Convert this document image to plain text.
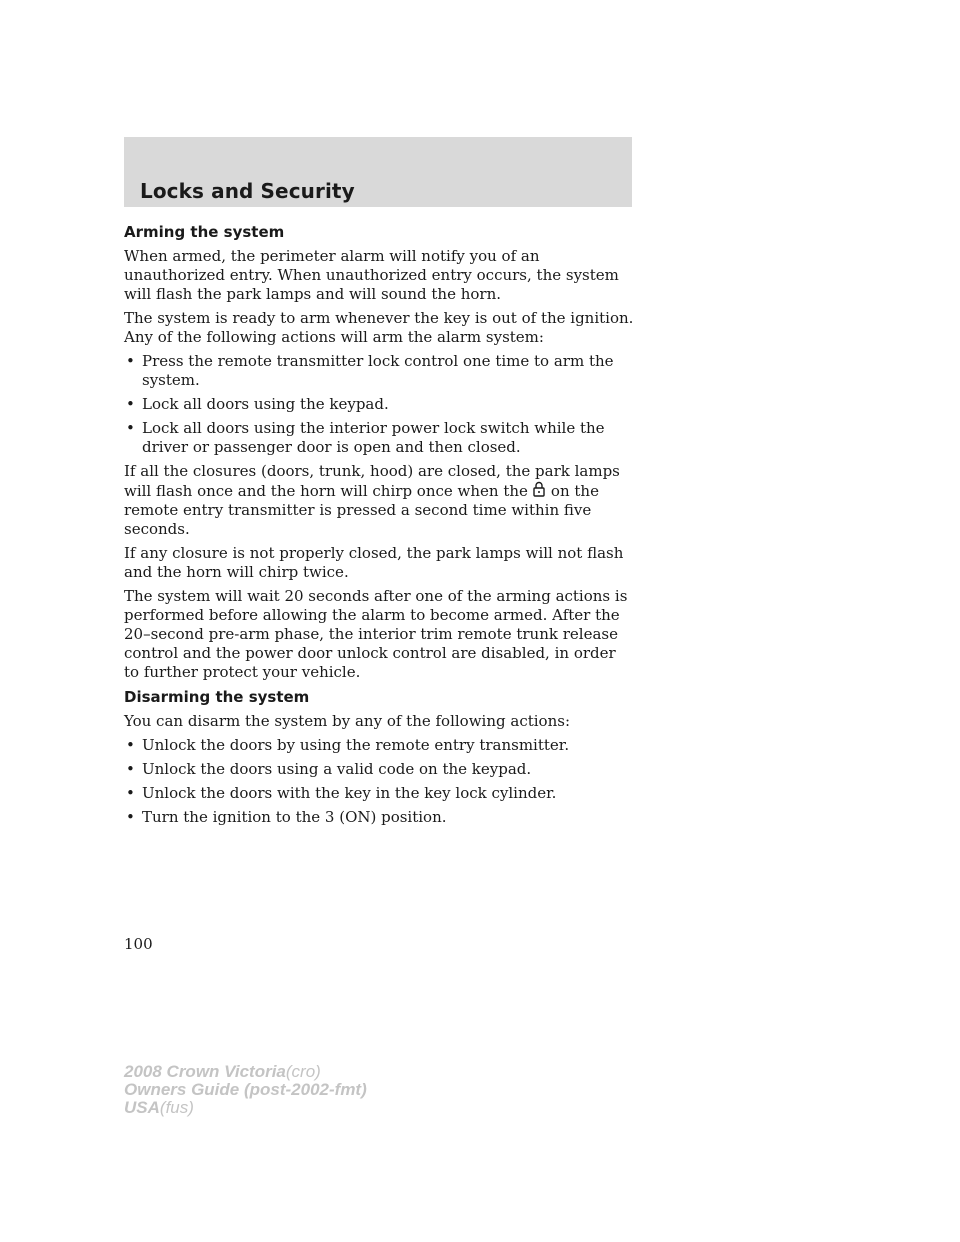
Locks and Security
Arming the system

When armed, the perimeter alarm will notify you of an unauthorized entry. When unauthorized entry occurs, the system will flash the park lamps and will sound the horn.

The system is ready to arm whenever the key is out of the ignition. Any of the following actions will arm the alarm system:

• Press the remote transmitter lock control one time to arm the system.
• Lock all doors using the keypad.
• Lock all doors using the interior power lock switch while the driver or passenger door is open and then closed.

If all the closures (doors, trunk, hood) are closed, the park lamps will flash once and the horn will chirp once when the on the remote entry transmitter is pressed a second time within five seconds.

If any closure is not properly closed, the park lamps will not flash and the horn will chirp twice.

The system will wait 20 seconds after one of the arming actions is performed before allowing the alarm to become armed. After the 20–second pre-arm phase, the interior trim remote trunk release control and the power door unlock control are disabled, in order to further protect your vehicle.

Disarming the system

You can disarm the system by any of the following actions:

• Unlock the doors by using the remote entry transmitter.
• Unlock the doors using a valid code on the keypad.
• Unlock the doors with the key in the key lock cylinder.
• Turn the ignition to the 3 (ON) position.
100
2008 Crown Victoria(cro)
Owners Guide (post-2002-fmt)
USA(fus)
